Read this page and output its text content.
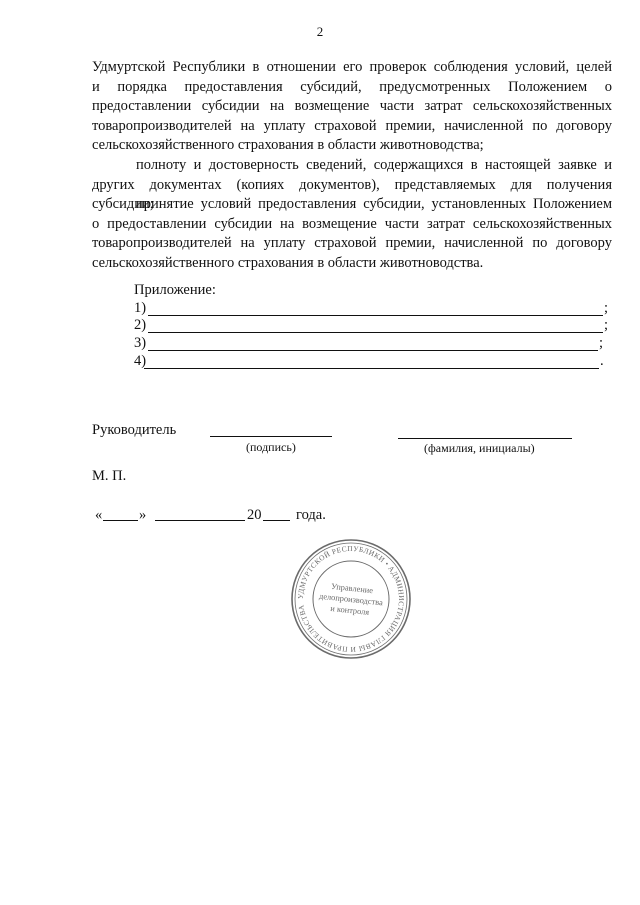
2
Удмуртской Республики в отношении его проверок соблюдения условий, целей
и порядка предоставления субсидий, предусмотренных Положением о
предоставлении субсидии на возмещение части затрат сельскохозяйственных
товаропроизводителей на уплату страховой премии, начисленной по договору
сельскохозяйственного страхования в области животноводства;
полноту и достоверность сведений, содержащихся в настоящей заявке и
других документах (копиях документов), представляемых для получения
субсидии;
принятие условий предоставления субсидии, установленных Положением
о предоставлении субсидии на возмещение части затрат сельскохозяйственных
товаропроизводителей на уплату страховой премии, начисленной по договору
сельскохозяйственного страхования в области животноводства.
Приложение:
1)	;
2)	;
3)	;
4)	.
Руководитель
(подпись)	(фамилия, инициалы)
М. П.
«	»	20 года.
УДМУРТСКОЙ РЕСПУБЛИКИ • АДМИНИСТРАЦИЯ ГЛАВЫ И ПРАВИТЕЛЬСТВА
Управление
делопроизводства
и контроля
